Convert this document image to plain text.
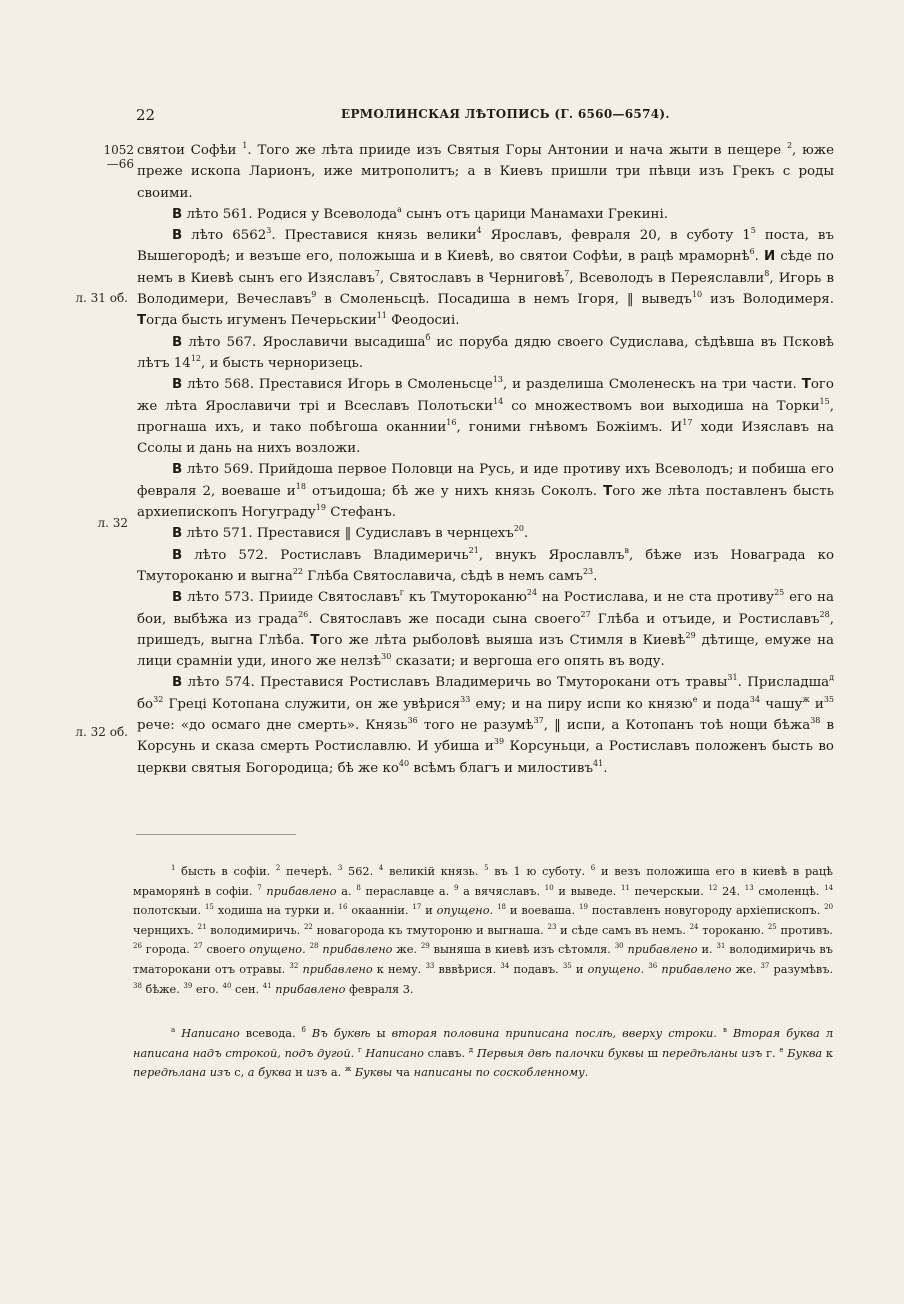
22	ЕРМОЛИНСКАЯ ЛѢТОПИСЬ (Г. 6560—6574).
1052
—66
л. 31 об.
л. 32
л. 32 об.

святои Софѣи $^1$. Того же лѣта прииде изъ Святыя Горы Антонии и нача жыти в пещере $^2$, юже преже ископа Ларионъ, иже митрополитъ; а в Киевъ пришли три пѣвци изъ Грекъ с роды своими.

В лѣто 561. Родися у Всеволода$^а$ сынъ отъ царици Манамахи Грекині.

В лѣто 6562$^3$. Преставися князь велики$^4$ Ярославъ, февраля 20, в суботу $1^5$ поста, въ Вышегородѣ; и везъше его, положыша и в Киевѣ, во святои Софѣи, в рацѣ мраморнѣ$^6$. И сѣде по немъ в Киевѣ сынъ его Изяславъ$^7$, Святославъ в Черниговѣ$^7$, Всеволодъ в Переяславли$^8$, Игорь в Володимери, Вечеславъ$^9$ в Смоленьсцѣ. Посадиша в немъ Ігоря, ‖ выведъ$^{10}$ изъ Володимеря. Тогда бысть игуменъ Печерьскии$^{11}$ Феодосиі.

В лѣто 567. Ярославичи высадиша$^б$ ис поруба дядю своего Судислава, сѣдѣвша въ Псковѣ лѣтъ $14^{12}$, и бысть черноризець.

В лѣто 568. Преставися Игорь в Смоленьсце$^{13}$, и разделиша Смоленескъ на три части. Того же лѣта Ярославичи трі и Всеславъ Полотьски$^{14}$ со множествомъ вои выходиша на Торки$^{15}$, прогнаша ихъ, и тако побѣгоша оканнии$^{16}$, гоними гнѣвомъ Божіимъ. $И^{17}$ ходи Изяславъ на Ссолы и дань на нихъ возложи.

В лѣто 569. Прийдоша первое Половци на Русь, и иде противу ихъ Всеволодъ; и побиша его февраля 2, воеваше $и^{18}$ отъидоша; бѣ же у нихъ князь Соколъ. Того же лѣта поставленъ бысть архиепископъ Ногуграду$^{19}$ Стефанъ.

В лѣто 571. Преставися ‖ Судиславъ в чернцехъ$^{20}$.

В лѣто 572. Ростиславъ Владимеричь$^{21}$, внукъ Ярославлъ$^в$, бѣже изъ Новаграда ко Тмутороканю и выгна$^{22}$ Глѣба Святославича, сѣдѣ в немъ самъ$^{23}$.

В лѣто 573. Прииде Святославъ$^г$ къ Тмутороканю$^{24}$ на Ростислава, и не ста противу$^{25}$ его на бои, выбѣжа из града$^{26}$. Святославъ же посади сына своего$^{27}$ Глѣба и отъиде, и Ростиславъ$^{28}$, пришедъ, выгна Глѣба. Того же лѣта рыболовѣ выяша изъ Стимля в Киевѣ$^{29}$ дѣтище, емуже на лици срамніи уди, иного же нелзѣ$^{30}$ сказати; и вергоша его опять въ воду.

В лѣто 574. Преставися Ростиславъ Владимеричь во Тмуторокани отъ травы$^{31}$. Присладша$^д$ $бо^{32}$ Греці Котопана служити, он же увѣрися$^{33}$ ему; и на пиру испи ко князю$^е$ и пода$^{34}$ чашу$^ж$ $и^{35}$ рече: «до осмаго дне смерть». Князь$^{36}$ того не разумѣ$^{37}$, ‖ испи, а Котопанъ тоѣ нощи бѣжа$^{38}$ в Корсунь и сказа смерть Ростиславлю. И убиша $и^{39}$ Корсуньци, а Ростиславъ положенъ бысть во церкви святыя Богородица; бѣ же $ко^{40}$ всѣмъ благъ и милостивъ$^{41}$.

$^1$ бысть в софіи. $^2$ печерѣ. $^3$ 562. $^4$ великій князь. $^5$ въ 1 ю суботу. $^6$ и везъ положиша его в киевѣ в рацѣ мраморянѣ в софіи. $^7$ прибавлено а. $^8$ перaславце а. $^9$ а вячяславъ. $^{10}$ и выведе. $^{11}$ печерскыи. $^{12}$ 24. $^{13}$ смоленцѣ. $^{14}$ полотскыи. $^{15}$ ходиша на турки и. $^{16}$ окаанніи. $^{17}$ и опущено. $^{18}$ и воеваша. $^{19}$ поставленъ новугороду архіепископъ. $^{20}$ чернцихъ. $^{21}$ володимиричь. $^{22}$ новагорода къ тмутороню и выгнаша. $^{23}$ и сѣде самъ въ немъ. $^{24}$ тороканю. $^{25}$ противъ. $^{26}$ города. $^{27}$ своего опущено. $^{28}$ прибавлено же. $^{29}$ выняша в киевѣ изъ сѣтомля. $^{30}$ прибавлено и. $^{31}$ володимиричь въ тматорокани отъ отравы. $^{32}$ прибавлено к нему. $^{33}$ вввѣрися. $^{34}$ подавъ. $^{35}$ и опущено. $^{36}$ прибавлено же. $^{37}$ разумѣвъ. $^{38}$ бѣже. $^{39}$ его. $^{40}$ сен. $^{41}$ прибавлено февраля 3.

$^а$ Написано всевода. $^б$ Въ буквѣ ы вторая половина приписана послѣ, вверху строки. $^в$ Вторая буква л написана надъ строкой, подъ дугой. $^г$ Написано славъ. $^д$ Первыя двѣ палочки буквы ш передѣланы изъ г. $^е$ Буква к передѣлана изъ с, а буква н изъ а. $^ж$ Буквы ча написаны по соскобленному.
